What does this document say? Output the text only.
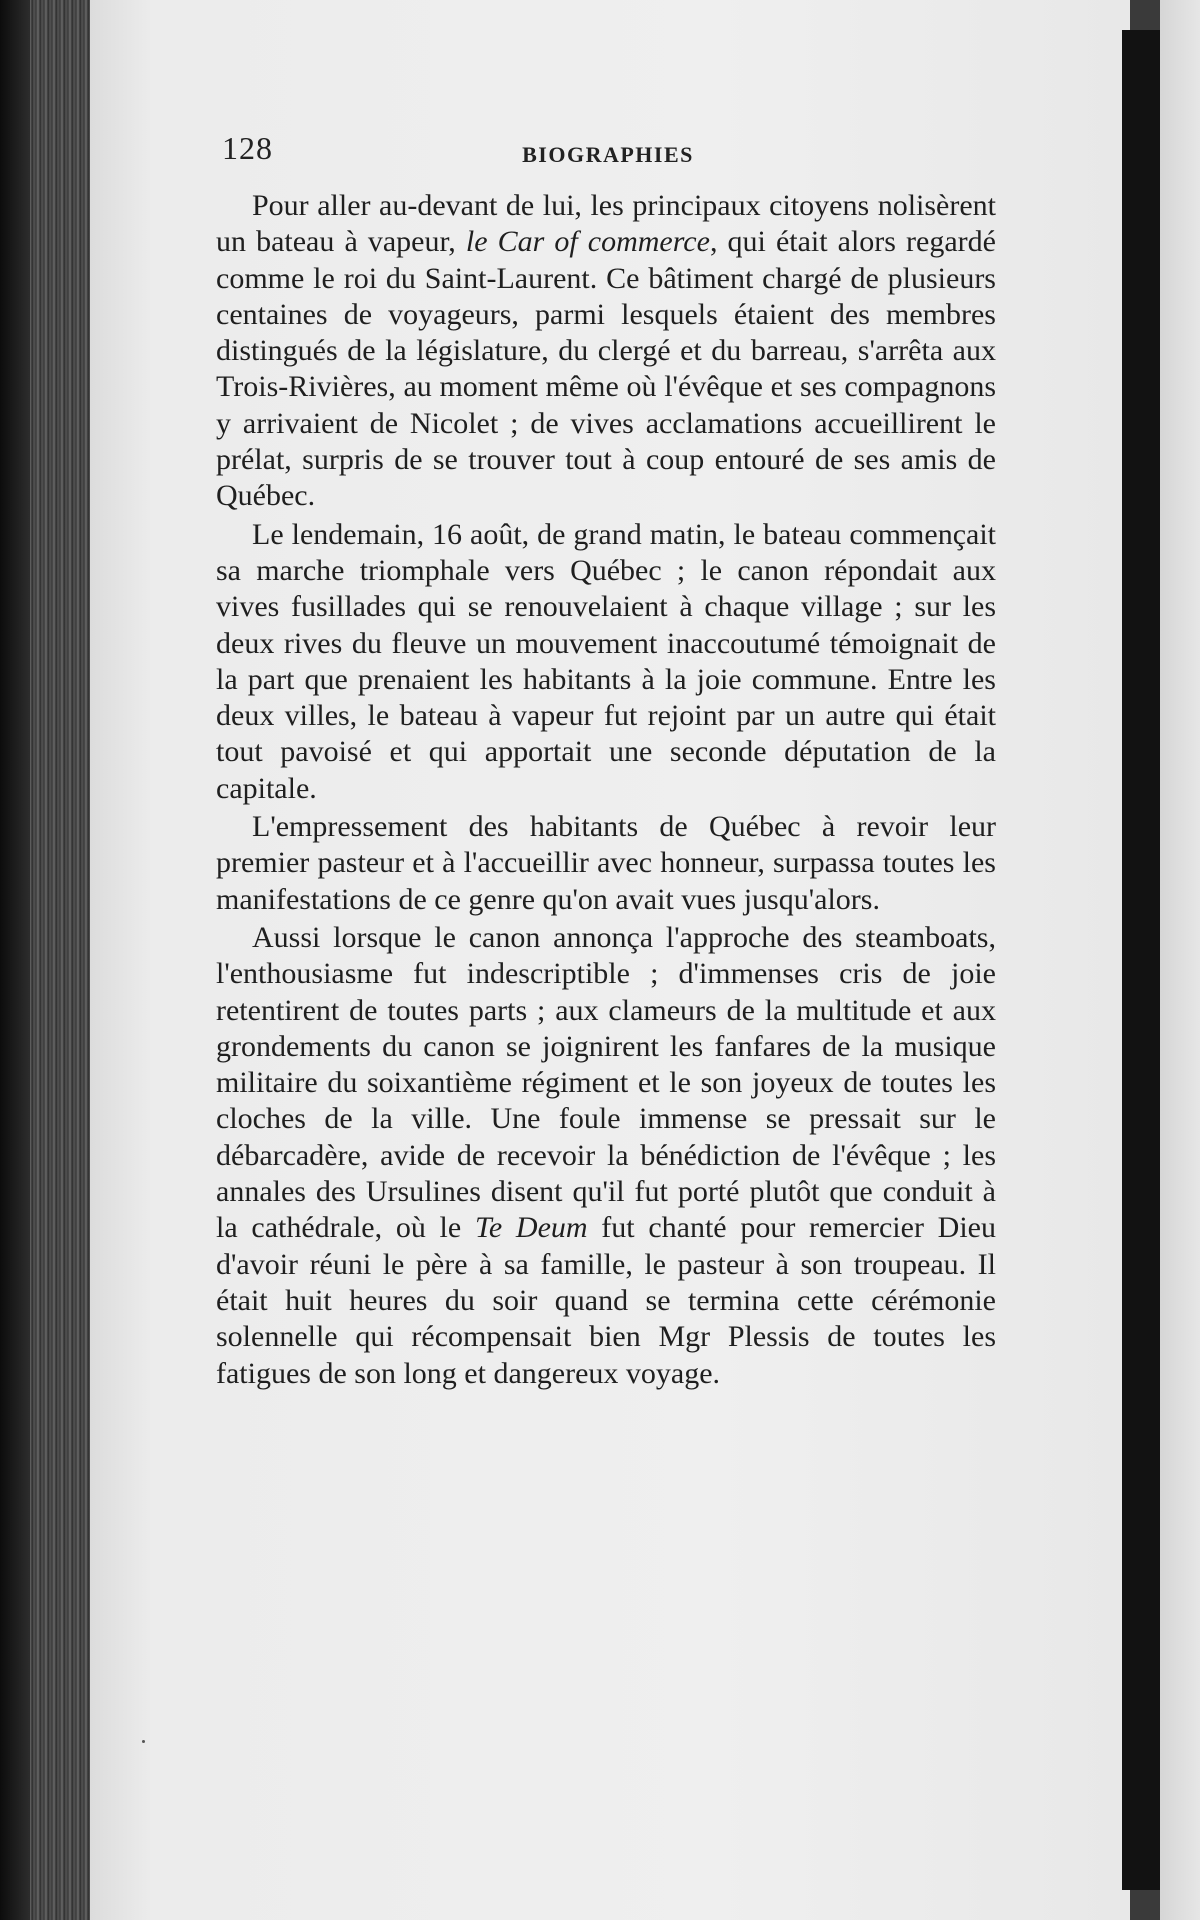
128	BIOGRAPHIES

Pour aller au-devant de lui, les principaux citoyens nolisèrent un bateau à vapeur, le Car of commerce, qui était alors regardé comme le roi du Saint-Laurent. Ce bâtiment chargé de plusieurs centaines de voyageurs, parmi lesquels étaient des membres distingués de la législature, du clergé et du barreau, s'arrêta aux Trois-Rivières, au moment même où l'évêque et ses compagnons y arrivaient de Nicolet ; de vives acclamations accueillirent le prélat, surpris de se trouver tout à coup entouré de ses amis de Québec.

Le lendemain, 16 août, de grand matin, le bateau commençait sa marche triomphale vers Québec ; le canon répondait aux vives fusillades qui se renouvelaient à chaque village ; sur les deux rives du fleuve un mouvement inaccoutumé témoignait de la part que prenaient les habitants à la joie commune. Entre les deux villes, le bateau à vapeur fut rejoint par un autre qui était tout pavoisé et qui apportait une seconde députation de la capitale.

L'empressement des habitants de Québec à revoir leur premier pasteur et à l'accueillir avec honneur, surpassa toutes les manifestations de ce genre qu'on avait vues jusqu'alors.

Aussi lorsque le canon annonça l'approche des steamboats, l'enthousiasme fut indescriptible ; d'immenses cris de joie retentirent de toutes parts ; aux clameurs de la multitude et aux grondements du canon se joignirent les fanfares de la musique militaire du soixantième régiment et le son joyeux de toutes les cloches de la ville. Une foule immense se pressait sur le débarcadère, avide de recevoir la bénédiction de l'évêque ; les annales des Ursulines disent qu'il fut porté plutôt que conduit à la cathédrale, où le Te Deum fut chanté pour remercier Dieu d'avoir réuni le père à sa famille, le pasteur à son troupeau. Il était huit heures du soir quand se termina cette cérémonie solennelle qui récompensait bien Mgr Plessis de toutes les fatigues de son long et dangereux voyage.
